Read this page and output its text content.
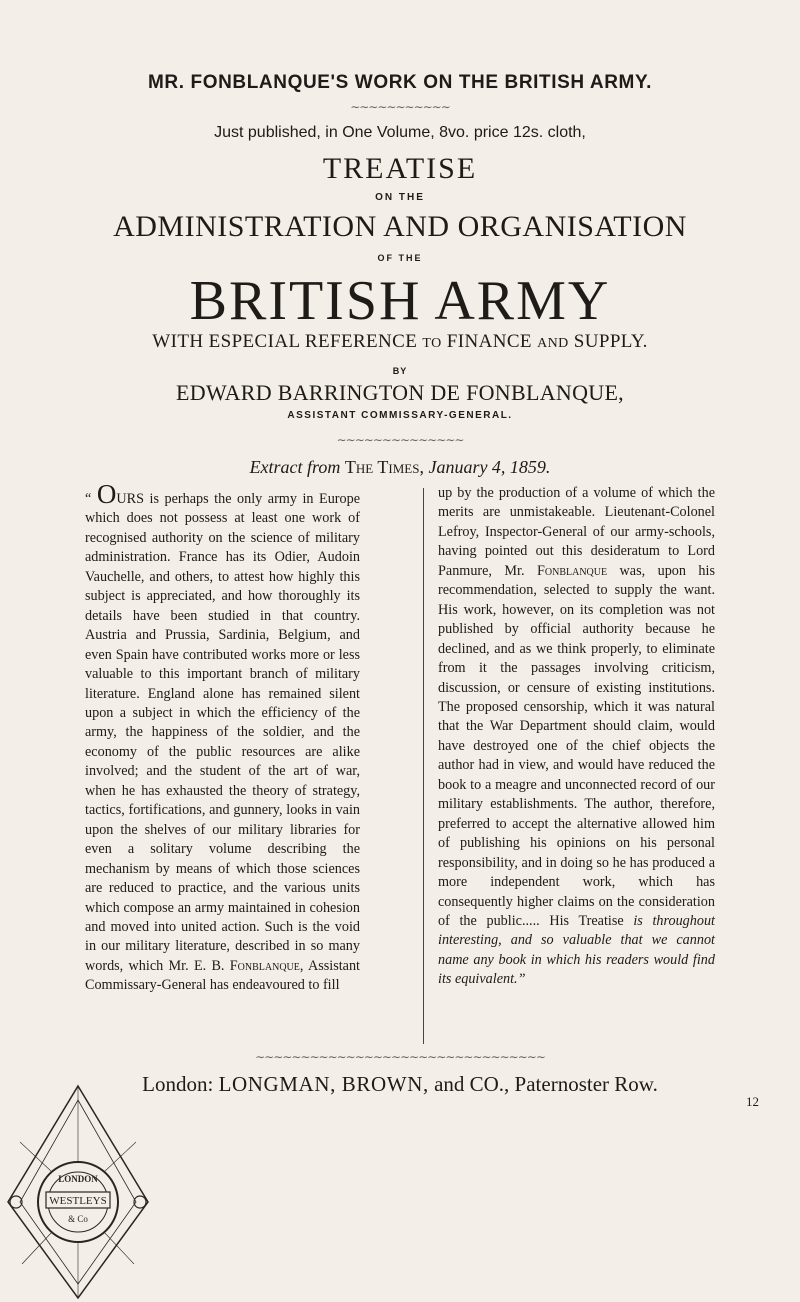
MR. FONBLANQUE'S WORK ON THE BRITISH ARMY.
∼∼∼∼∼∼∼∼∼∼∼
Just published, in One Volume, 8vo. price 12s. cloth,
TREATISE
ON THE
ADMINISTRATION AND ORGANISATION
OF THE
BRITISH ARMY
WITH ESPECIAL REFERENCE TO FINANCE AND SUPPLY.
BY
EDWARD BARRINGTON DE FONBLANQUE,
ASSISTANT COMMISSARY-GENERAL.
∼∼∼∼∼∼∼∼∼∼∼∼∼∼
Extract from The Times, January 4, 1859.
“ OURS is perhaps the only army in Europe which does not possess at least one work of recognised authority on the science of military administration. France has its Odier, Audoin Vauchelle, and others, to attest how highly this subject is appreciated, and how thoroughly its details have been studied in that country. Austria and Prussia, Sardinia, Belgium, and even Spain have contributed works more or less valuable to this important branch of military literature. England alone has remained silent upon a subject in which the efficiency of the army, the happiness of the soldier, and the economy of the public resources are alike involved; and the student of the art of war, when he has exhausted the theory of strategy, tactics, fortifications, and gunnery, looks in vain upon the shelves of our military libraries for even a solitary volume describing the mechanism by means of which those sciences are reduced to practice, and the various units which compose an army maintained in cohesion and moved into united action. Such is the void in our military literature, described in so many words, which Mr. E. B. Fonblanque, Assistant Commissary-General has endeavoured to fill
up by the production of a volume of which the merits are unmistakeable. Lieutenant-Colonel Lefroy, Inspector-General of our army-schools, having pointed out this desideratum to Lord Panmure, Mr. Fonblanque was, upon his recommendation, selected to supply the want. His work, however, on its completion was not published by official authority because he declined, and as we think properly, to eliminate from it the passages involving criticism, discussion, or censure of existing institutions. The proposed censorship, which it was natural that the War Department should claim, would have destroyed one of the chief objects the author had in view, and would have reduced the book to a meagre and unconnected record of our military establishments. The author, therefore, preferred to accept the alternative allowed him of publishing his opinions on his personal responsibility, and in doing so he has produced a more independent work, which has consequently higher claims on the consideration of the public..... His Treatise is throughout interesting, and so valuable that we cannot name any book in which his readers would find its equivalent.”
∼∼∼∼∼∼∼∼∼∼∼∼∼∼∼∼∼∼∼∼∼∼∼∼∼∼∼∼∼∼∼∼
London: LONGMAN, BROWN, and CO., Paternoster Row.
12
LONDON
WESTLEYS
& Co
